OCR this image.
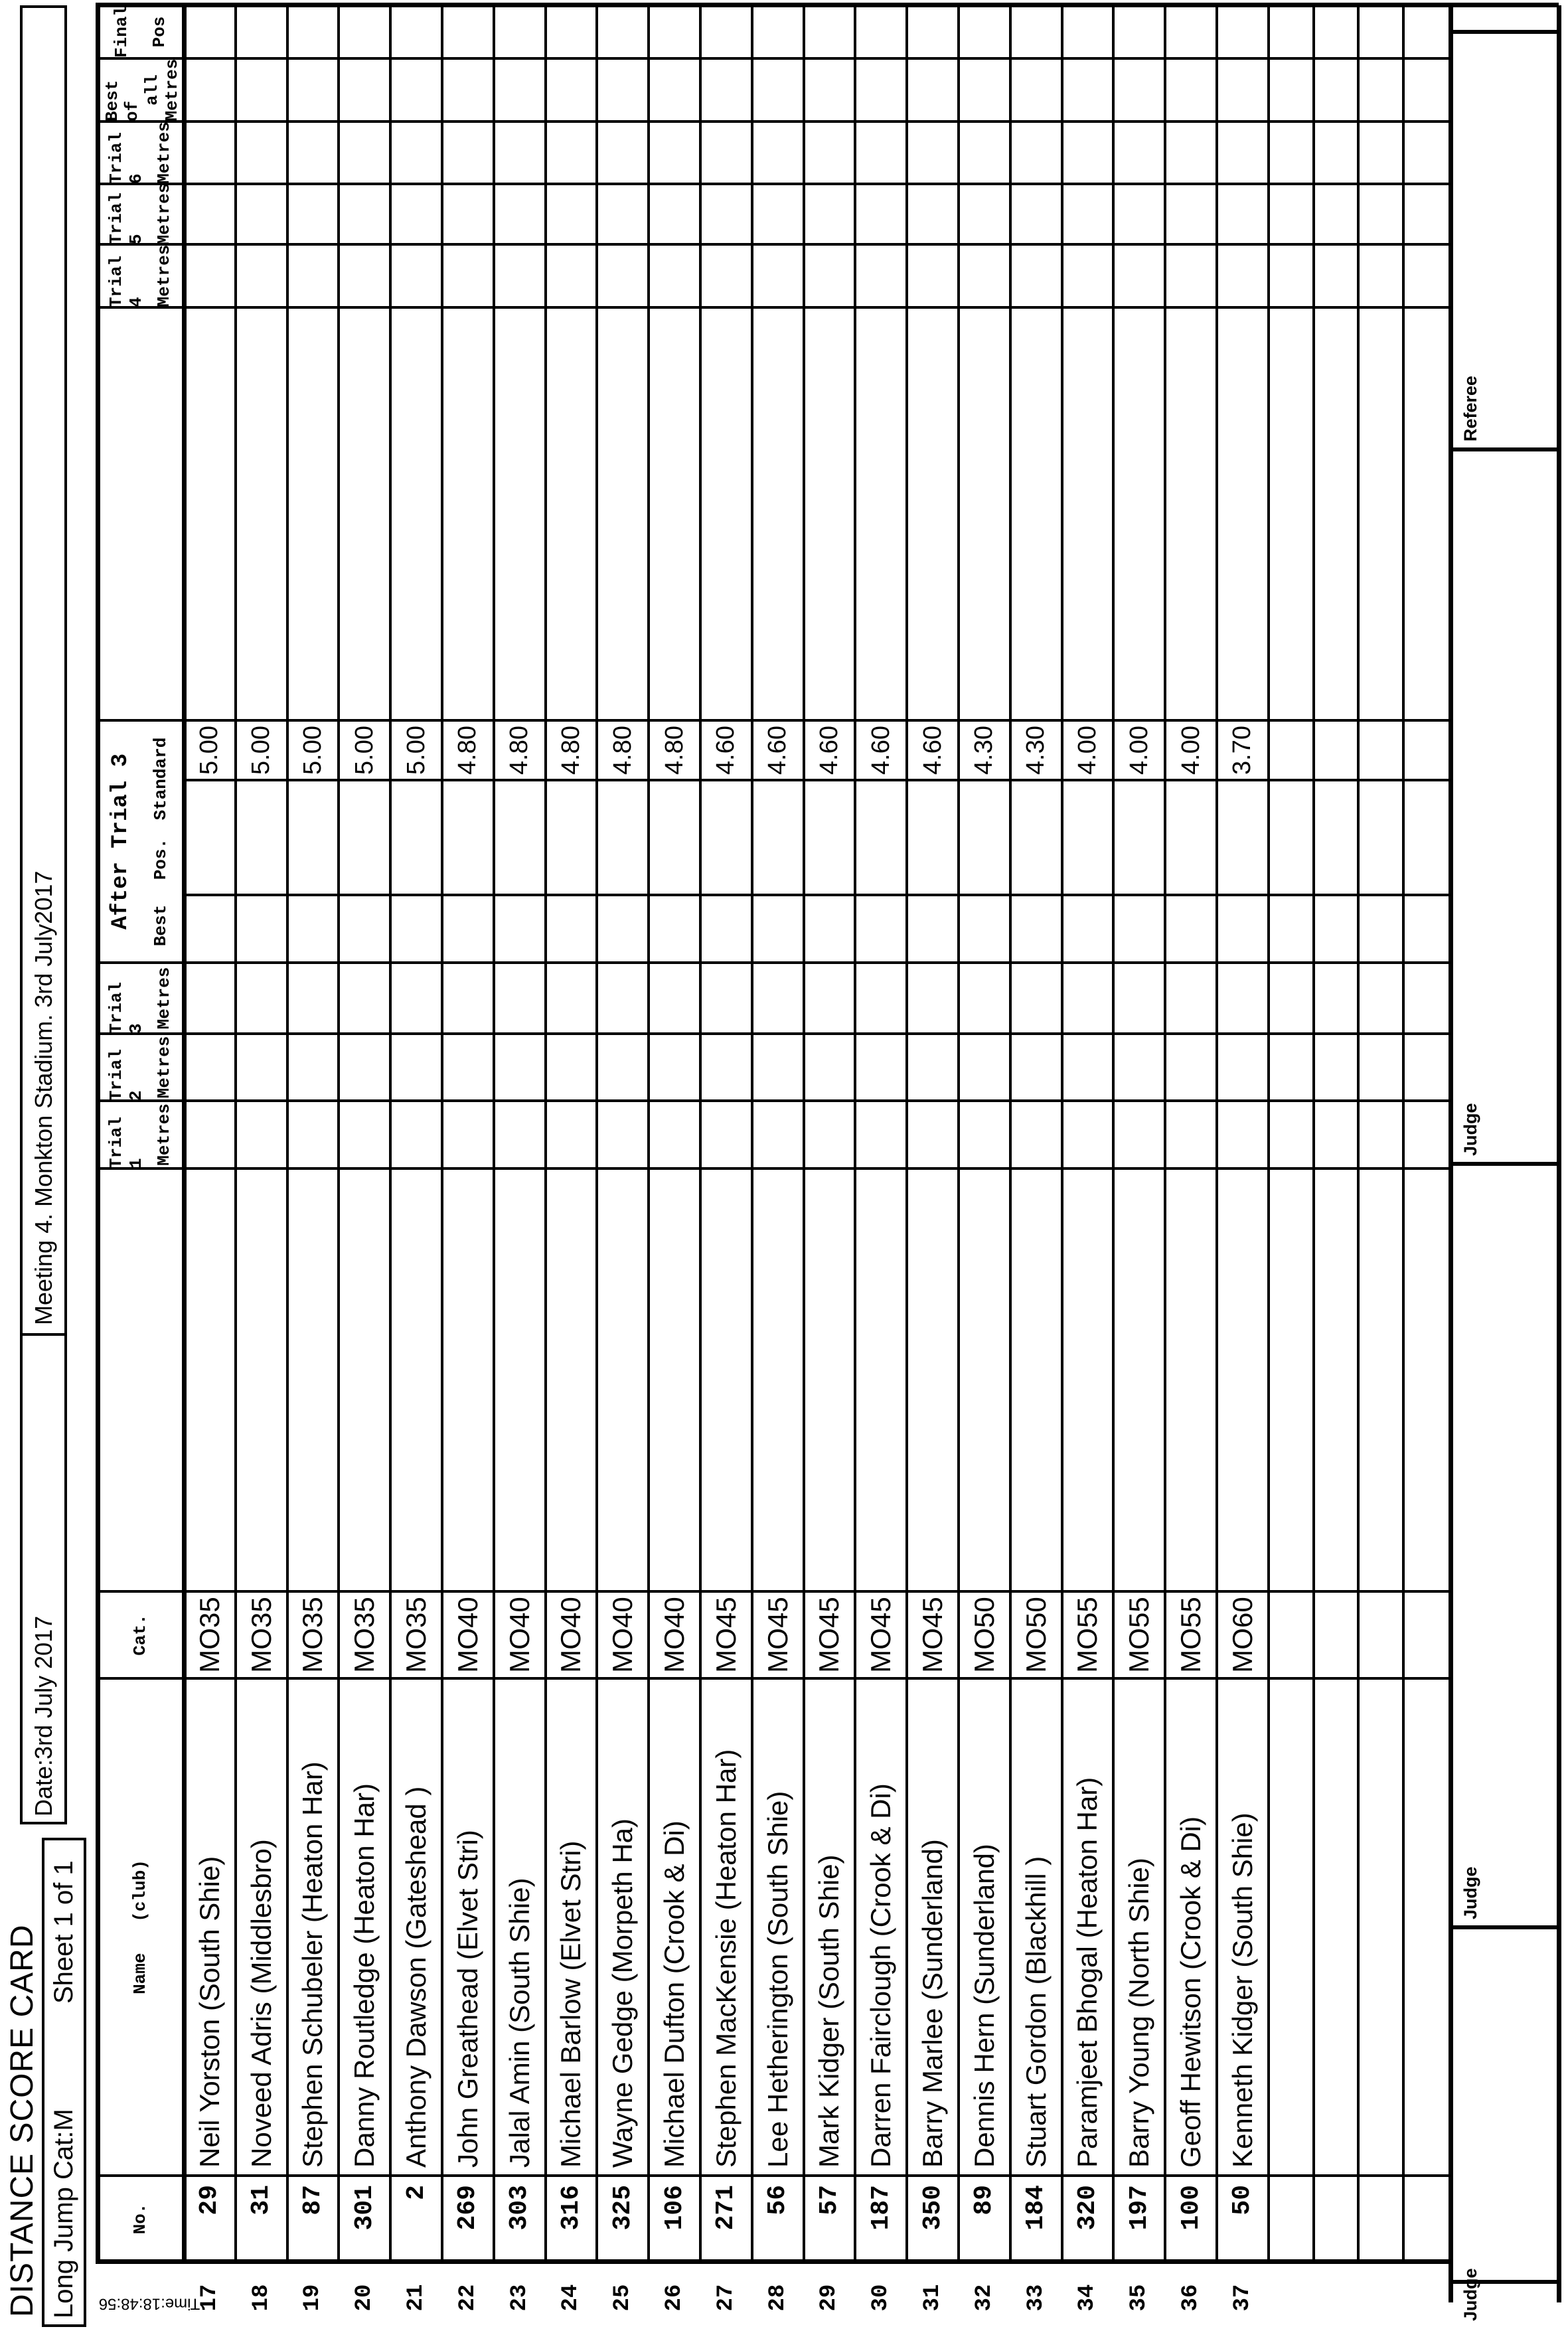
DISTANCE SCORE CARD
Date:3rd July 2017
Meeting 4. Monkton Stadium. 3rd July2017
Long Jump Cat:M
Sheet 1 of 1
Time:18:48:56
No.
Name   (club)
Cat.
Trial 1 Metres
Trial 2 Metres
Trial 3 Metres
Trial 4 Metres
Trial 5 Metres
Trial 6 Metres
Best of
all Metres
Final Pos
After Trial 3	Best
Pos.
Standard
17
29
Neil Yorston (South Shie)
MO35
5.00
18
31
Noveed Adris (Middlesbro)
MO35
5.00
19
87
Stephen Schubeler (Heaton Har)
MO35
5.00
20
301
Danny Routledge (Heaton Har)
MO35
5.00
21
2
Anthony Dawson (Gateshead )
MO35
5.00
22
269
John Greathead (Elvet Stri)
MO40
4.80
23
303
Jalal Amin (South Shie)
MO40
4.80
24
316
Michael Barlow (Elvet Stri)
MO40
4.80
25
325
Wayne Gedge (Morpeth Ha)
MO40
4.80
26
106
Michael Dufton (Crook & Di)
MO40
4.80
27
271
Stephen MacKensie (Heaton Har)
MO45
4.60
28
56
Lee Hetherington (South Shie)
MO45
4.60
29
57
Mark Kidger (South Shie)
MO45
4.60
30
187
Darren Fairclough (Crook & Di)
MO45
4.60
31
350
Barry Marlee (Sunderland)
MO45
4.60
32
89
Dennis Hern (Sunderland)
MO50
4.30
33
184
Stuart Gordon (Blackhill )
MO50
4.30
34
320
Paramjeet Bhogal (Heaton Har)
MO55
4.00
35
197
Barry Young (North Shie)
MO55
4.00
36
100
Geoff Hewitson (Crook & Di)
MO55
4.00
37
50
Kenneth Kidger (South Shie)
MO60
3.70
Judge
Judge
Judge
Referee
